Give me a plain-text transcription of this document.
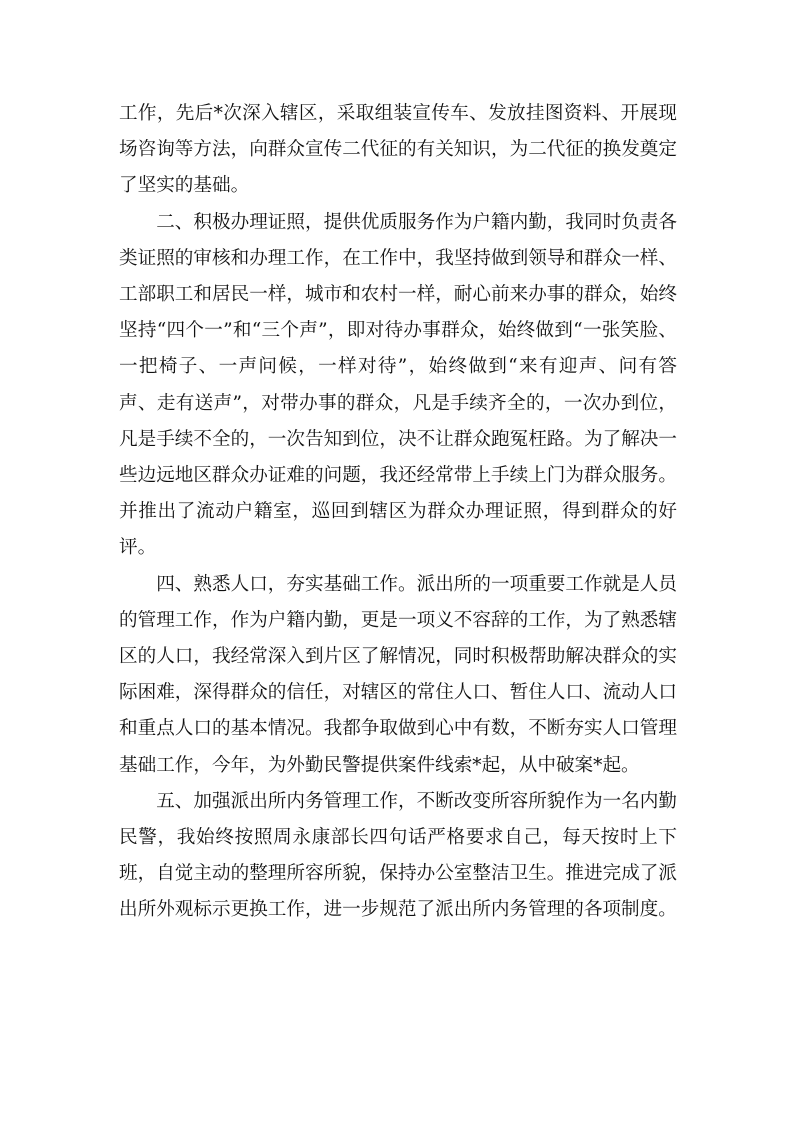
工作，先后*次深入辖区，采取组装宣传车、发放挂图资料、开展现场咨询等方法，向群众宣传二代征的有关知识，为二代征的换发奠定了坚实的基础。

二、积极办理证照，提供优质服务作为户籍内勤，我同时负责各类证照的审核和办理工作，在工作中，我坚持做到领导和群众一样、工部职工和居民一样，城市和农村一样，耐心前来办事的群众，始终坚持“四个一”和“三个声”，即对待办事群众，始终做到“一张笑脸、一把椅子、一声问候，一样对待”，始终做到“来有迎声、问有答声、走有送声”，对带办事的群众，凡是手续齐全的，一次办到位，凡是手续不全的，一次告知到位，决不让群众跑冤枉路。为了解决一些边远地区群众办证难的问题，我还经常带上手续上门为群众服务。并推出了流动户籍室，巡回到辖区为群众办理证照，得到群众的好评。

四、熟悉人口，夯实基础工作。派出所的一项重要工作就是人员的管理工作，作为户籍内勤，更是一项义不容辞的工作，为了熟悉辖区的人口，我经常深入到片区了解情况，同时积极帮助解决群众的实际困难，深得群众的信任，对辖区的常住人口、暂住人口、流动人口和重点人口的基本情况。我都争取做到心中有数，不断夯实人口管理基础工作，今年，为外勤民警提供案件线索*起，从中破案*起。

五、加强派出所内务管理工作，不断改变所容所貌作为一名内勤民警，我始终按照周永康部长四句话严格要求自己，每天按时上下班，自觉主动的整理所容所貌，保持办公室整洁卫生。推进完成了派出所外观标示更换工作，进一步规范了派出所内务管理的各项制度。
